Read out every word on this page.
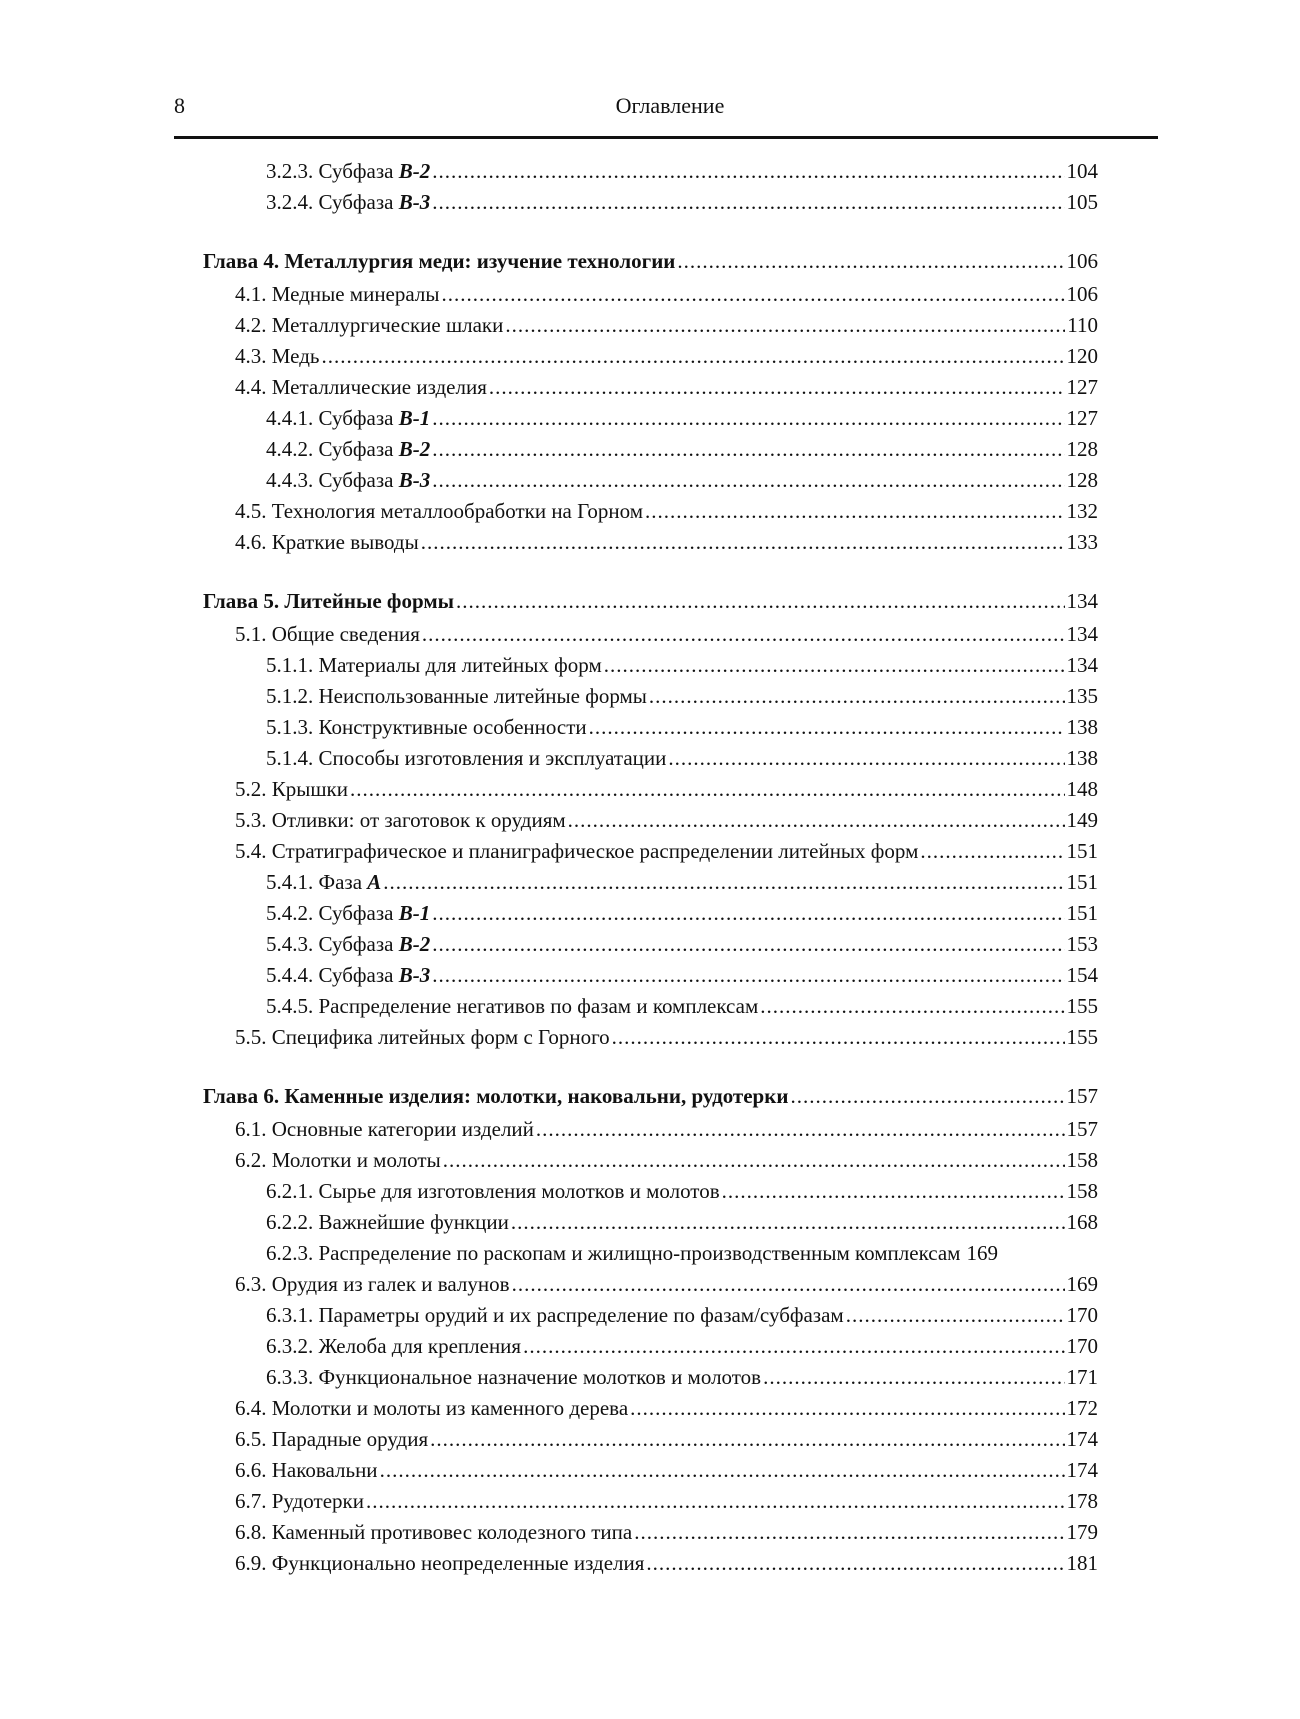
8	Оглавление
3.2.3. Субфаза B-2 .....	104
3.2.4. Субфаза B-3 .....	105
Глава 4. Металлургия меди: изучение технологии .....	106
4.1. Медные минералы .....	106
4.2. Металлургические шлаки .....	110
4.3. Медь .....	120
4.4. Металлические изделия .....	127
4.4.1. Субфаза B-1 .....	127
4.4.2. Субфаза B-2 .....	128
4.4.3. Субфаза B-3 .....	128
4.5. Технология металлообработки на Горном .....	132
4.6. Краткие выводы .....	133
Глава 5. Литейные формы .....	134
5.1. Общие сведения .....	134
5.1.1. Материалы для литейных форм .....	134
5.1.2. Неиспользованные литейные формы .....	135
5.1.3. Конструктивные особенности .....	138
5.1.4. Способы изготовления и эксплуатации .....	138
5.2. Крышки .....	148
5.3. Отливки: от заготовок к орудиям .....	149
5.4. Стратиграфическое и планиграфическое распределении литейных форм .....	151
5.4.1. Фаза A .....	151
5.4.2. Субфаза B-1 .....	151
5.4.3. Субфаза B-2 .....	153
5.4.4. Субфаза B-3 .....	154
5.4.5. Распределение негативов по фазам и комплексам .....	155
5.5. Специфика литейных форм с Горного .....	155
Глава 6. Каменные изделия: молотки, наковальни, рудотерки .....	157
6.1. Основные категории изделий .....	157
6.2. Молотки и молоты .....	158
6.2.1. Сырье для изготовления молотков и молотов .....	158
6.2.2. Важнейшие функции .....	168
6.2.3. Распределение по раскопам и жилищно-производственным комплексам 169
6.3. Орудия из галек и валунов .....	169
6.3.1. Параметры орудий и их распределение по фазам/субфазам .....	170
6.3.2. Желоба для крепления .....	170
6.3.3. Функциональное назначение молотков и молотов .....	171
6.4. Молотки и молоты из каменного дерева .....	172
6.5. Парадные орудия .....	174
6.6. Наковальни .....	174
6.7. Рудотерки .....	178
6.8. Каменный противовес колодезного типа .....	179
6.9. Функционально неопределенные изделия .....	181
